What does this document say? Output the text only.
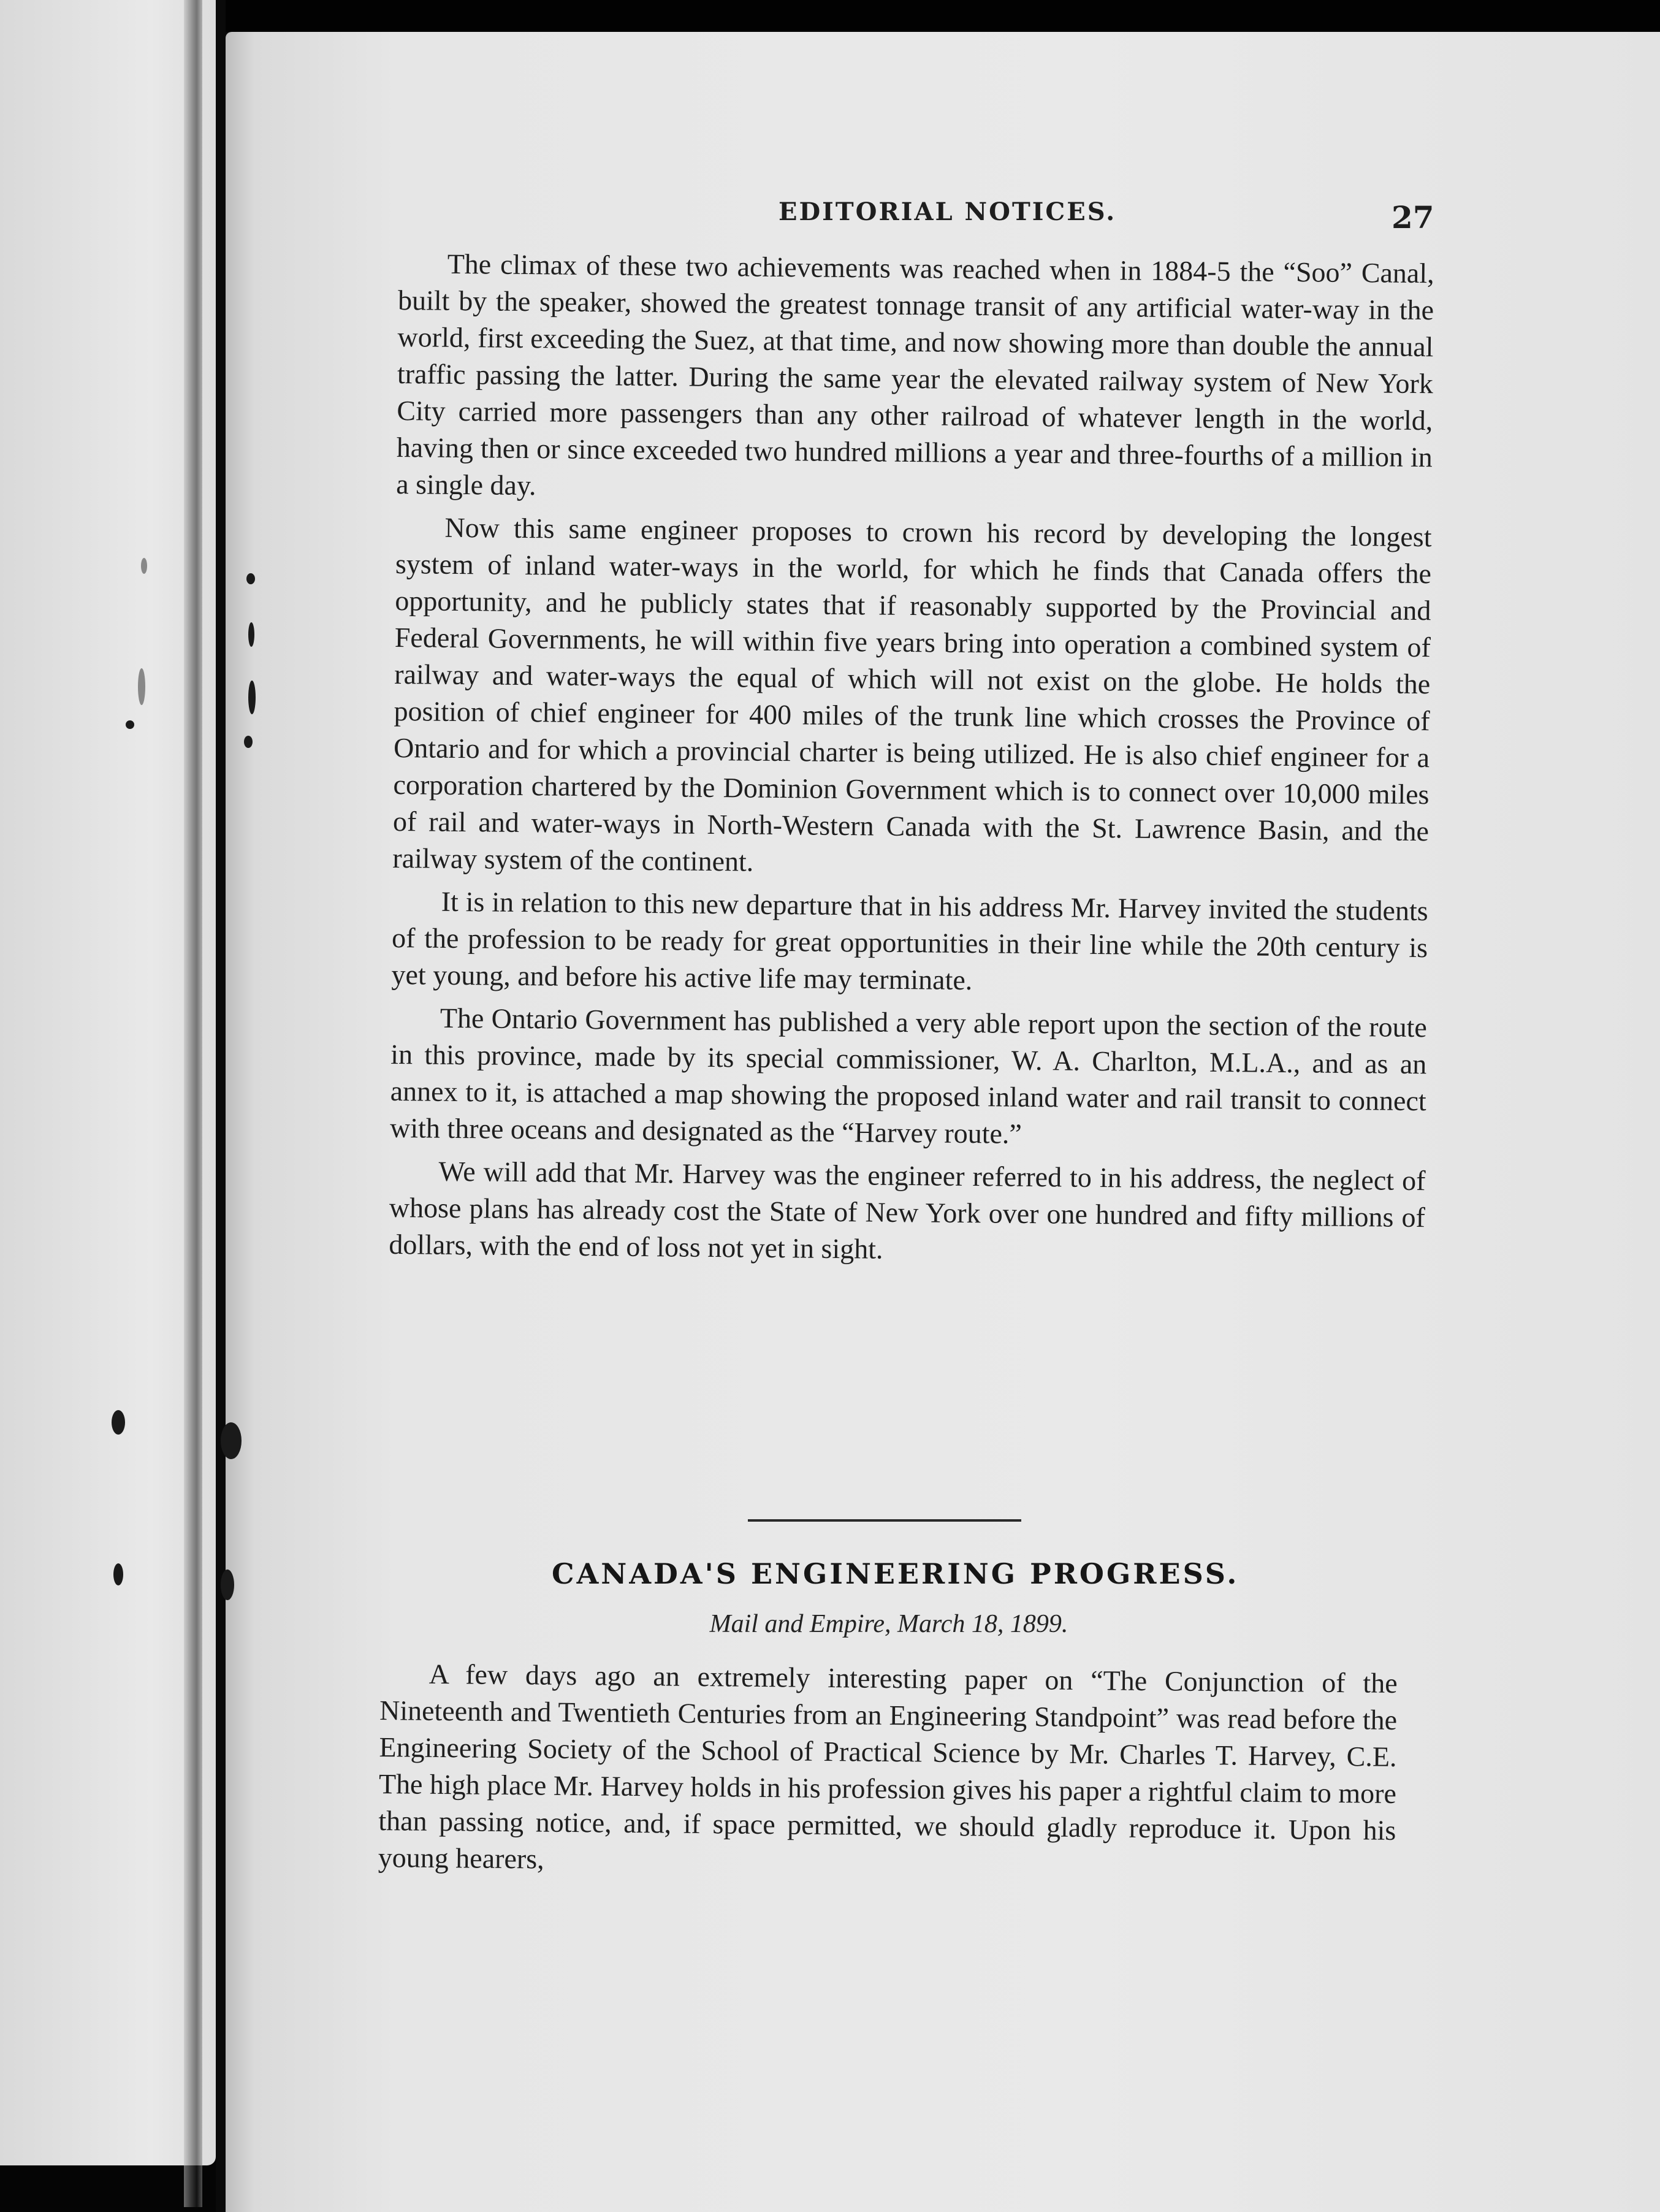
EDITORIAL NOTICES.	27

The climax of these two achievements was reached when in 1884-5 the “Soo” Canal, built by the speaker, showed the greatest tonnage transit of any artificial water-way in the world, first exceeding the Suez, at that time, and now showing more than double the annual traffic passing the latter. During the same year the elevated railway system of New York City carried more passengers than any other railroad of whatever length in the world, having then or since exceeded two hundred millions a year and three-fourths of a million in a single day.

Now this same engineer proposes to crown his record by developing the longest system of inland water-ways in the world, for which he finds that Canada offers the opportunity, and he publicly states that if reasonably supported by the Provincial and Federal Governments, he will within five years bring into operation a combined system of railway and water-ways the equal of which will not exist on the globe. He holds the position of chief engineer for 400 miles of the trunk line which crosses the Province of Ontario and for which a provincial charter is being utilized. He is also chief engineer for a corporation chartered by the Dominion Government which is to connect over 10,000 miles of rail and water-ways in North-Western Canada with the St. Lawrence Basin, and the railway system of the continent.

It is in relation to this new departure that in his address Mr. Harvey invited the students of the profession to be ready for great opportunities in their line while the 20th century is yet young, and before his active life may terminate.

The Ontario Government has published a very able report upon the section of the route in this province, made by its special commissioner, W. A. Charlton, M.L.A., and as an annex to it, is attached a map showing the proposed inland water and rail transit to connect with three oceans and designated as the “Harvey route.”

We will add that Mr. Harvey was the engineer referred to in his address, the neglect of whose plans has already cost the State of New York over one hundred and fifty millions of dollars, with the end of loss not yet in sight.

CANADA'S ENGINEERING PROGRESS.
Mail and Empire, March 18, 1899.

A few days ago an extremely interesting paper on “The Conjunction of the Nineteenth and Twentieth Centuries from an Engineering Standpoint” was read before the Engineering Society of the School of Practical Science by Mr. Charles T. Harvey, C.E. The high place Mr. Harvey holds in his profession gives his paper a rightful claim to more than passing notice, and, if space permitted, we should gladly reproduce it. Upon his young hearers,
